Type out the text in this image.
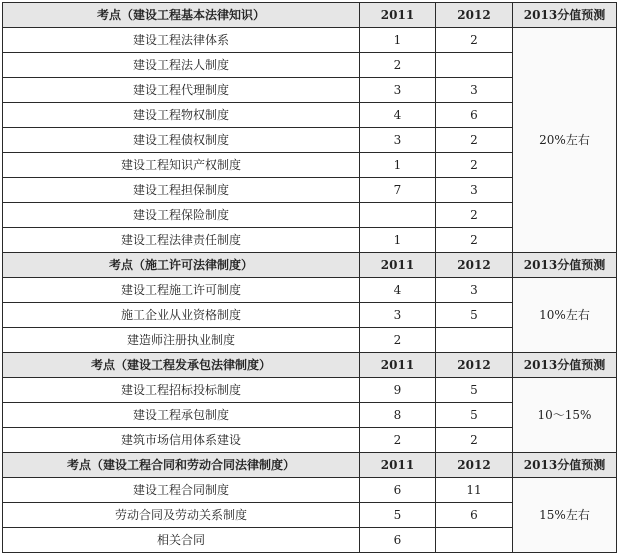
考点（建设工程基本法律知识）	2011	2012	2013分值预测
建设工程法律体系	1	2	20%左右
建设工程法人制度	2		
建设工程代理制度	3	3	
建设工程物权制度	4	6	
建设工程债权制度	3	2	
建设工程知识产权制度	1	2	
建设工程担保制度	7	3	
建设工程保险制度		2	
建设工程法律责任制度	1	2	
考点（施工许可法律制度）	2011	2012	2013分值预测
建设工程施工许可制度	4	3	10%左右
施工企业从业资格制度	3	5	
建造师注册执业制度	2		
考点（建设工程发承包法律制度）	2011	2012	2013分值预测
建设工程招标投标制度	9	5	10～15%
建设工程承包制度	8	5	
建筑市场信用体系建设	2	2	
考点（建设工程合同和劳动合同法律制度）	2011	2012	2013分值预测
建设工程合同制度	6	11	15%左右
劳动合同及劳动关系制度	5	6	
相关合同	6		
